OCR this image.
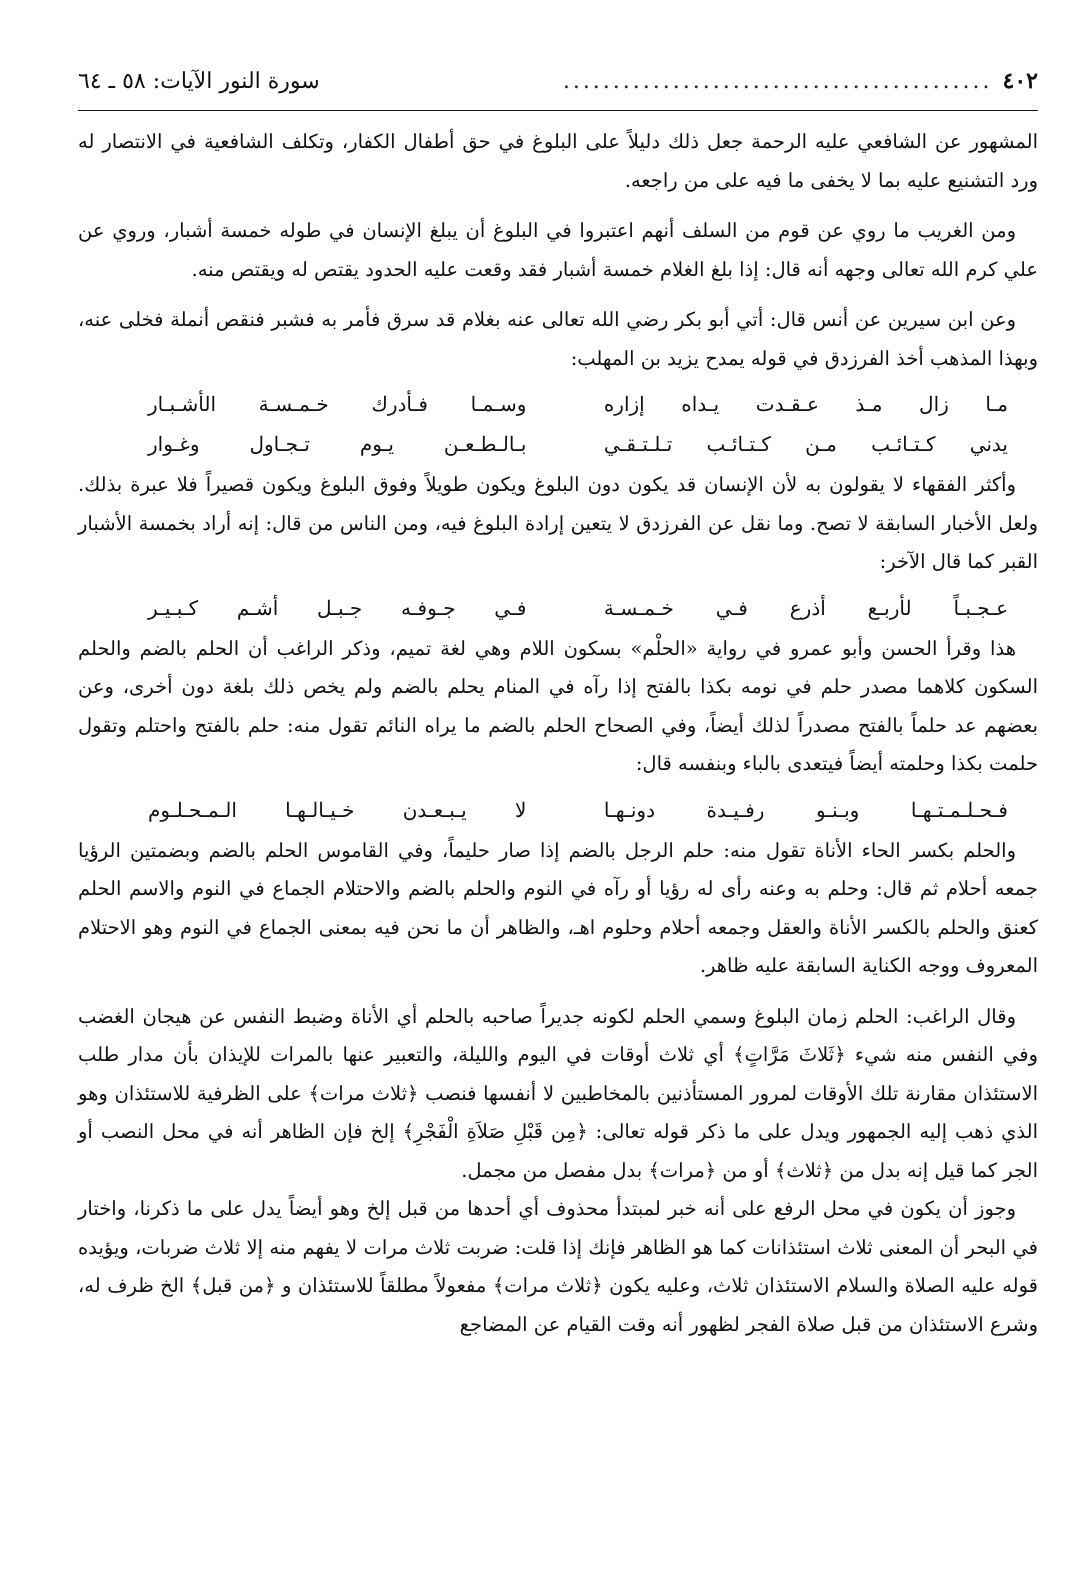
٤٠٢
...........................................
سورة النور الآيات: ٥٨ ـ ٦٤

المشهور عن الشافعي عليه الرحمة جعل ذلك دليلاً على البلوغ في حق أطفال الكفار، وتكلف الشافعية في الانتصار له ورد التشنيع عليه بما لا يخفى ما فيه على من راجعه.

ومن الغريب ما روي عن قوم من السلف أنهم اعتبروا في البلوغ أن يبلغ الإنسان في طوله خمسة أشبار، وروي عن علي كرم الله تعالى وجهه أنه قال: إذا بلغ الغلام خمسة أشبار فقد وقعت عليه الحدود يقتص له ويقتص منه.

وعن ابن سيرين عن أنس قال: أتي أبو بكر رضي الله تعالى عنه بغلام قد سرق فأمر به فشبر فنقص أنملة فخلى عنه، وبهذا المذهب أخذ الفرزدق في قوله يمدح يزيد بن المهلب:

مـا زال مـذ عـقـدت يـداه إزاره
وسـمـا فـأدرك خـمـسـة الأشـبـار
يدني كـتـائـب مـن كـتـائـب تـلـتـقـي
بـالـطـعـن يـوم تـجـاول وغـوار

وأكثر الفقهاء لا يقولون به لأن الإنسان قد يكون دون البلوغ ويكون طويلاً وفوق البلوغ ويكون قصيراً فلا عبرة بذلك. ولعل الأخبار السابقة لا تصح. وما نقل عن الفرزدق لا يتعين إرادة البلوغ فيه، ومن الناس من قال: إنه أراد بخمسة الأشبار القبر كما قال الآخر:

عـجـبـاً لأربـع أذرع فـي خـمـسـة
فـي جـوفـه جـبـل أشـم كـبـيـر

هذا وقرأ الحسن وأبو عمرو في رواية «الحلْم» بسكون اللام وهي لغة تميم، وذكر الراغب أن الحلم بالضم والحلم السكون كلاهما مصدر حلم في نومه بكذا بالفتح إذا رآه في المنام يحلم بالضم ولم يخص ذلك بلغة دون أخرى، وعن بعضهم عد حلماً بالفتح مصدراً لذلك أيضاً، وفي الصحاح الحلم بالضم ما يراه النائم تقول منه: حلم بالفتح واحتلم وتقول حلمت بكذا وحلمته أيضاً فيتعدى بالباء وبنفسه قال:

فـحـلـمـتـهـا وبـنـو رفـيـدة دونـهـا
لا يـبـعـدن خـيـالـهـا الـمـحـلـوم

والحلم بكسر الحاء الأناة تقول منه: حلم الرجل بالضم إذا صار حليماً، وفي القاموس الحلم بالضم وبضمتين الرؤيا جمعه أحلام ثم قال: وحلم به وعنه رأى له رؤيا أو رآه في النوم والحلم بالضم والاحتلام الجماع في النوم والاسم الحلم كعنق والحلم بالكسر الأناة والعقل وجمعه أحلام وحلوم اهـ، والظاهر أن ما نحن فيه بمعنى الجماع في النوم وهو الاحتلام المعروف ووجه الكناية السابقة عليه ظاهر.

وقال الراغب: الحلم زمان البلوغ وسمي الحلم لكونه جديراً صاحبه بالحلم أي الأناة وضبط النفس عن هيجان الغضب وفي النفس منه شيء ﴿ثَلاثَ مَرَّاتٍ﴾ أي ثلاث أوقات في اليوم والليلة، والتعبير عنها بالمرات للإيذان بأن مدار طلب الاستئذان مقارنة تلك الأوقات لمرور المستأذنين بالمخاطبين لا أنفسها فنصب ﴿ثلاث مرات﴾ على الظرفية للاستئذان وهو الذي ذهب إليه الجمهور ويدل على ما ذكر قوله تعالى: ﴿مِن قَبْلِ صَلاَةِ الْفَجْرِ﴾ إلخ فإن الظاهر أنه في محل النصب أو الجر كما قيل إنه بدل من ﴿ثلاث﴾ أو من ﴿مرات﴾ بدل مفصل من مجمل.

وجوز أن يكون في محل الرفع على أنه خبر لمبتدأ محذوف أي أحدها من قبل إلخ وهو أيضاً يدل على ما ذكرنا، واختار في البحر أن المعنى ثلاث استئذانات كما هو الظاهر فإنك إذا قلت: ضربت ثلاث مرات لا يفهم منه إلا ثلاث ضربات، ويؤيده قوله عليه الصلاة والسلام الاستئذان ثلاث، وعليه يكون ﴿ثلاث مرات﴾ مفعولاً مطلقاً للاستئذان و ﴿من قبل﴾ الخ ظرف له، وشرع الاستئذان من قبل صلاة الفجر لظهور أنه وقت القيام عن المضاجع
